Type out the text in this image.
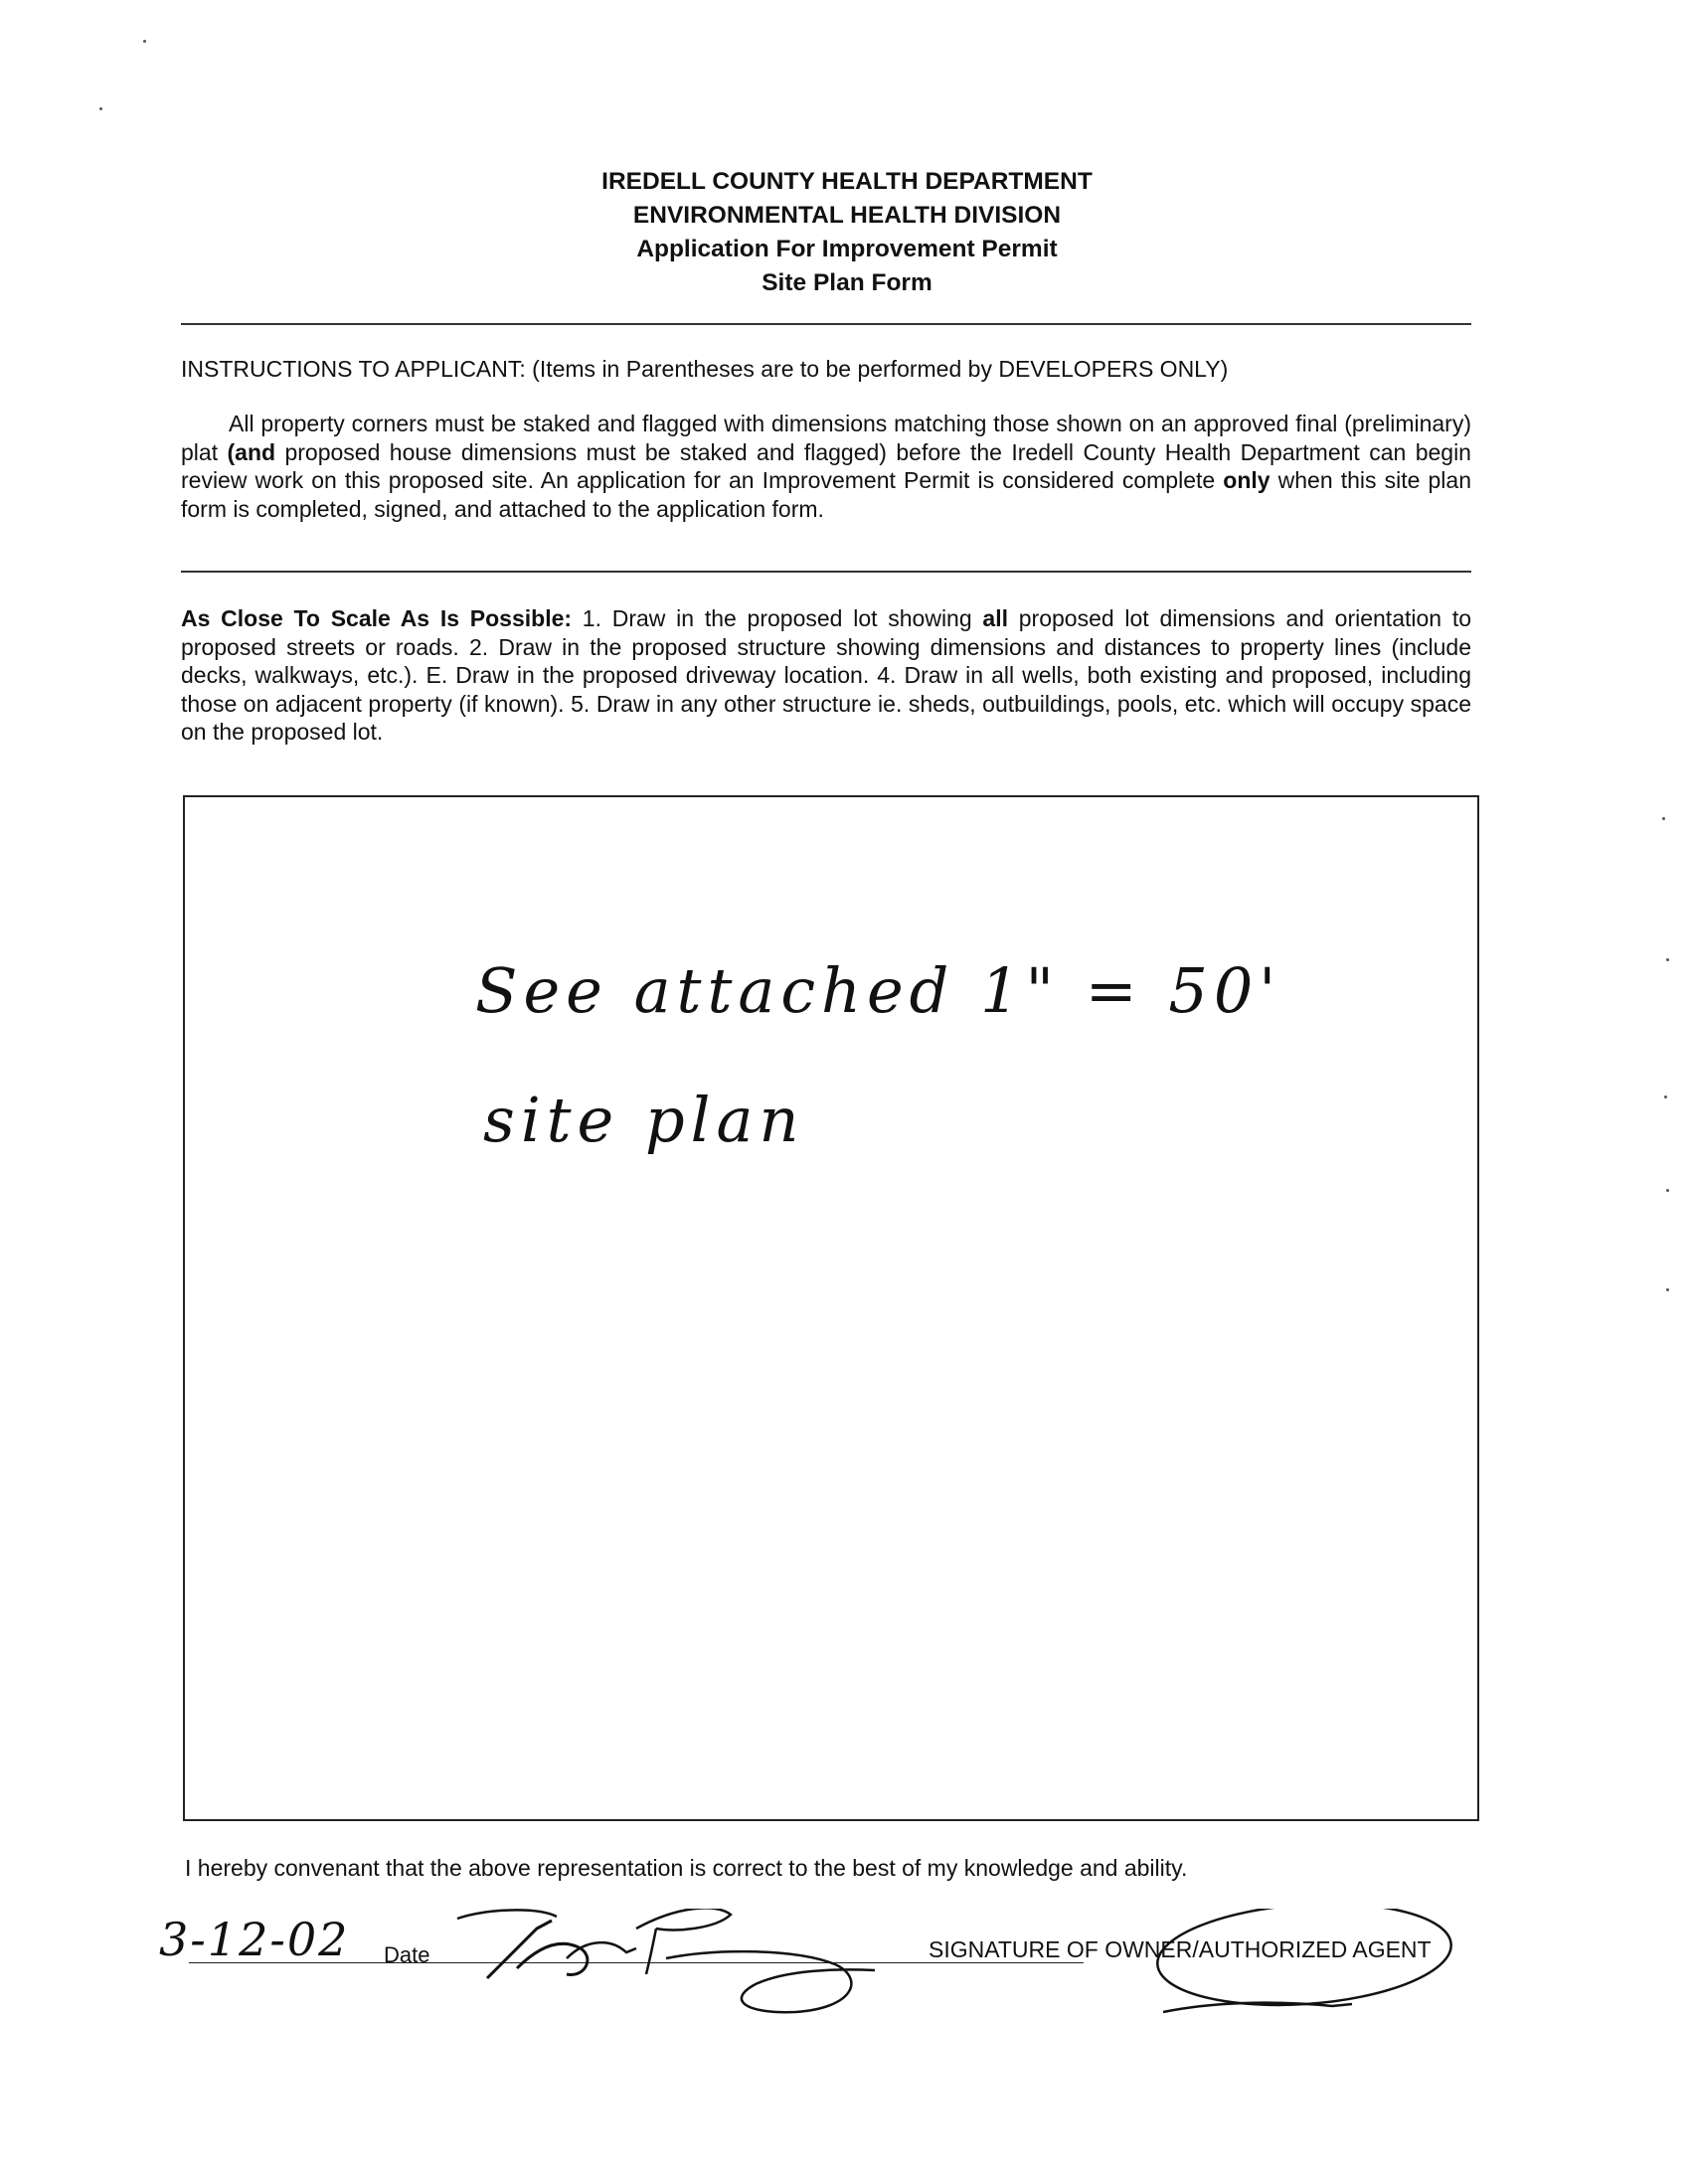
IREDELL COUNTY HEALTH DEPARTMENT
ENVIRONMENTAL HEALTH DIVISION
Application For Improvement Permit
Site Plan Form
INSTRUCTIONS TO APPLICANT: (Items in Parentheses are to be performed by DEVELOPERS ONLY)
All property corners must be staked and flagged with dimensions matching those shown on an approved final (preliminary) plat (and proposed house dimensions must be staked and flagged) before the Iredell County Health Department can begin review work on this proposed site. An application for an Improvement Permit is considered complete only when this site plan form is completed, signed, and attached to the application form.
As Close To Scale As Is Possible: 1. Draw in the proposed lot showing all proposed lot dimensions and orientation to proposed streets or roads. 2. Draw in the proposed structure showing dimensions and distances to property lines (include decks, walkways, etc.). E. Draw in the proposed driveway location. 4. Draw in all wells, both existing and proposed, including those on adjacent property (if known). 5. Draw in any other structure ie. sheds, outbuildings, pools, etc. which will occupy space on the proposed lot.
See attached 1" = 50'
site plan
I hereby convenant that the above representation is correct to the best of my knowledge and ability.
3-12-02 Date	SIGNATURE OF OWNER/AUTHORIZED AGENT
